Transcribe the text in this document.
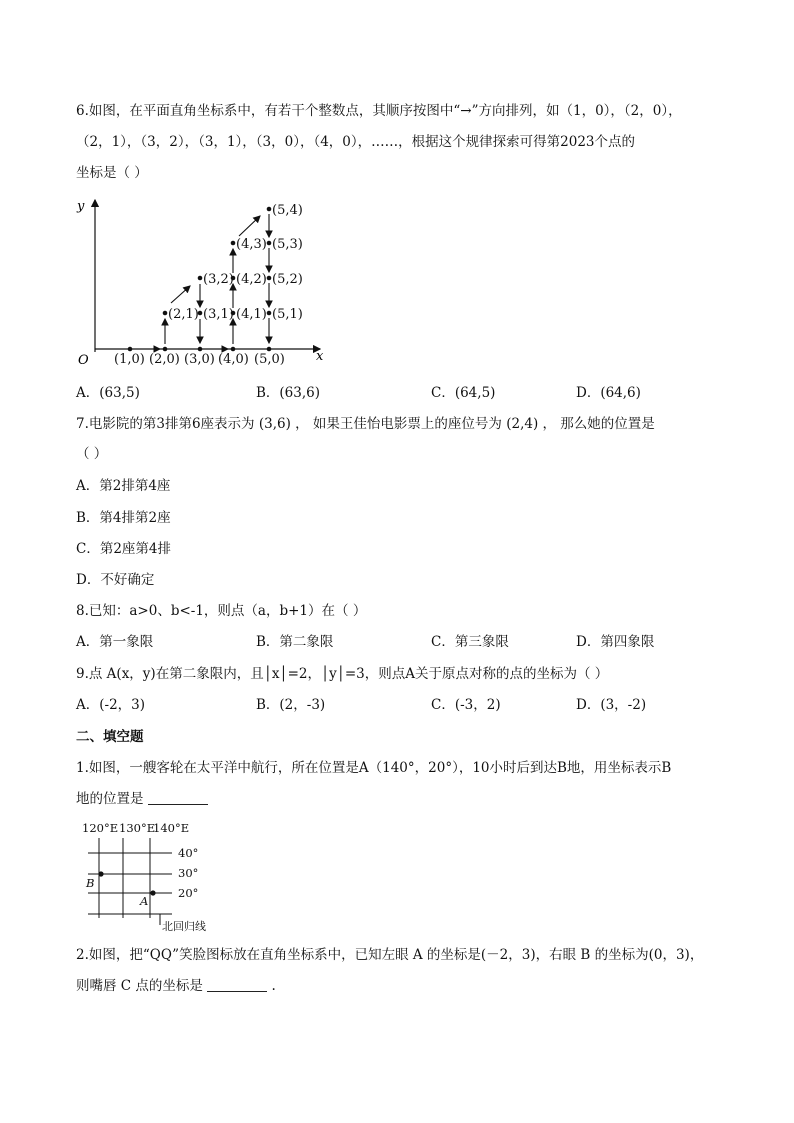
6.如图，在平面直角坐标系中，有若干个整数点，其顺序按图中“→”方向排列，如（1，0），（2，0），
（2，1），（3，2），（3，1），（3，0），（4，0），……，根据这个规律探索可得第2023个点的
坐标是（ ）
y
x
O (1,0) (2,0) (3,0) (4,0) (5,0)
(2,1)
(3,2)
(3,1)
(4,3)
(4,2)
(4,1)
(5,4)
(5,3)
(5,2)
(5,1)
120°E 130°E
140°E
40°
30°
20°
B
A
北回归线
A．(63,5)	B．(63,6)	C．(64,5)	D．(64,6)
7.电影院的第3排第6座表示为 (3,6) ， 如果王佳怡电影票上的座位号为 (2,4) ， 那么她的位置是
（ ）
A．第2排第4座
B．第4排第2座
C．第2座第4排
D．不好确定
8.已知：a>0、b<-1，则点（a，b+1）在（ ）
A．第一象限	B．第二象限	C．第三象限	D．第四象限
9.点 A(x，y)在第二象限内，且│x│=2，│y│=3，则点A关于原点对称的点的坐标为（ ）
A．(-2，3)	B．(2，-3)	C．(-3，2)	D．(3，-2)
二、填空题
1.如图，一艘客轮在太平洋中航行，所在位置是A（140°，20°），10小时后到达B地，用坐标表示B
地的位置是
2.如图，把“QQ”笑脸图标放在直角坐标系中，已知左眼 A 的坐标是(－2，3)，右眼 B 的坐标为(0，3)，
则嘴唇 C 点的坐标是	.
